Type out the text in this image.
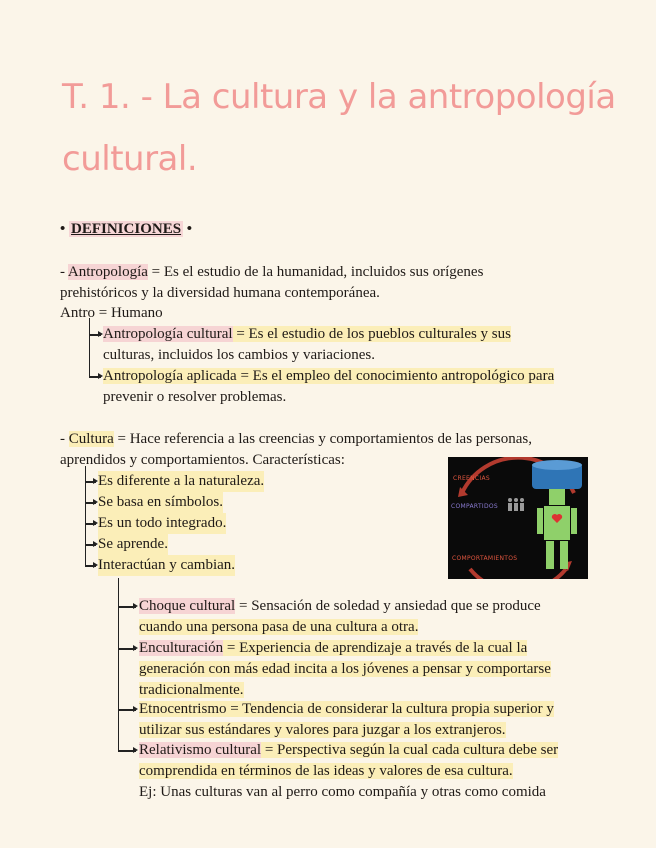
T. 1. - La cultura y la antropología cultural.
• DEFINICIONES •
- Antropología = Es el estudio de la humanidad, incluidos sus orígenes
prehistóricos y la diversidad humana contemporánea.
Antro = Humano
Antropología cultural = Es el estudio de los pueblos culturales y sus
culturas, incluidos los cambios y variaciones.
Antropología aplicada = Es el empleo del conocimiento antropológico para
prevenir o resolver problemas.
- Cultura = Hace referencia a las creencias y comportamientos de las personas,
aprendidos y comportamientos. Características:
Es diferente a la naturaleza.
Se basa en símbolos.
Es un todo integrado.
Se aprende.
Interactúan y cambian.
CREENCIAS
COMPARTIDOS
COMPORTAMIENTOS
Choque cultural = Sensación de soledad y ansiedad que se produce
cuando una persona pasa de una cultura a otra.
Enculturación = Experiencia de aprendizaje a través de la cual la
generación con más edad incita a los jóvenes a pensar y comportarse
tradicionalmente.
Etnocentrismo = Tendencia de considerar la cultura propia superior y
utilizar sus estándares y valores para juzgar a los extranjeros.
Relativismo cultural = Perspectiva según la cual cada cultura debe ser
comprendida en términos de las ideas y valores de esa cultura.
Ej: Unas culturas van al perro como compañía y otras como comida
